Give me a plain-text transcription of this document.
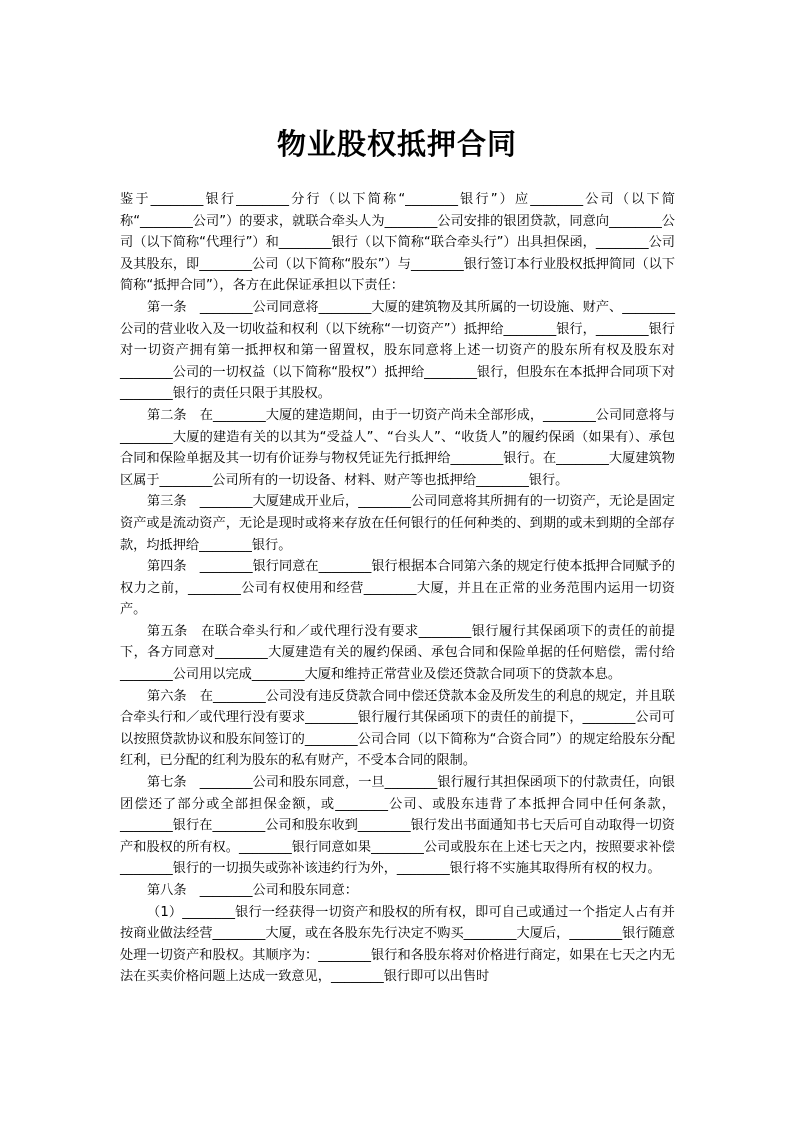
物业股权抵押合同

鉴于________银行________分行（以下简称“________银行”）应________公司（以下简称“________公司”）的要求，就联合牵头人为________公司安排的银团贷款，同意向________公司（以下简称“代理行”）和________银行（以下简称“联合牵头行”）出具担保函，________公司及其股东，即________公司（以下简称“股东”）与________银行签订本行业股权抵押简同（以下简称“抵押合同”），各方在此保证承担以下责任：

第一条　________公司同意将________大厦的建筑物及其所属的一切设施、财产、________公司的营业收入及一切收益和权利（以下统称“一切资产”）抵押给________银行，________银行对一切资产拥有第一抵押权和第一留置权，股东同意将上述一切资产的股东所有权及股东对________公司的一切权益（以下简称“股权”）抵押给________银行，但股东在本抵押合同项下对________银行的责任只限于其股权。

第二条　在________大厦的建造期间，由于一切资产尚未全部形成，________公司同意将与________大厦的建造有关的以其为“受益人”、“台头人”、“收货人”的履约保函（如果有）、承包合同和保险单据及其一切有价证券与物权凭证先行抵押给________银行。在________大厦建筑物区属于________公司所有的一切设备、材料、财产等也抵押给________银行。

第三条　________大厦建成开业后，________公司同意将其所拥有的一切资产，无论是固定资产或是流动资产，无论是现时或将来存放在任何银行的任何种类的、到期的或未到期的全部存款，均抵押给________银行。

第四条　________银行同意在________银行根据本合同第六条的规定行使本抵押合同赋予的权力之前，________公司有权使用和经营________大厦，并且在正常的业务范围内运用一切资产。

第五条　在联合牵头行和／或代理行没有要求________银行履行其保函项下的责任的前提下，各方同意对________大厦建造有关的履约保函、承包合同和保险单据的任何赔偿，需付给________公司用以完成________大厦和维持正常营业及偿还贷款合同项下的贷款本息。

第六条　在________公司没有违反贷款合同中偿还贷款本金及所发生的利息的规定，并且联合牵头行和／或代理行没有要求________银行履行其保函项下的责任的前提下，________公司可以按照贷款协议和股东间签订的________公司合同（以下简称为“合资合同”）的规定给股东分配红利，已分配的红利为股东的私有财产，不受本合同的限制。

第七条　________公司和股东同意，一旦________银行履行其担保函项下的付款责任，向银团偿还了部分或全部担保金额，或________公司、或股东违背了本抵押合同中任何条款，________银行在________公司和股东收到________银行发出书面通知书七天后可自动取得一切资产和股权的所有权。________银行同意如果________公司或股东在上述七天之内，按照要求补偿________银行的一切损失或弥补该违约行为外，________银行将不实施其取得所有权的权力。

第八条　________公司和股东同意：

（1）________银行一经获得一切资产和股权的所有权，即可自己或通过一个指定人占有并按商业做法经营________大厦，或在各股东先行决定不购买________大厦后，________银行随意处理一切资产和股权。其顺序为：________银行和各股东将对价格进行商定，如果在七天之内无法在买卖价格问题上达成一致意见，________银行即可以出售时
